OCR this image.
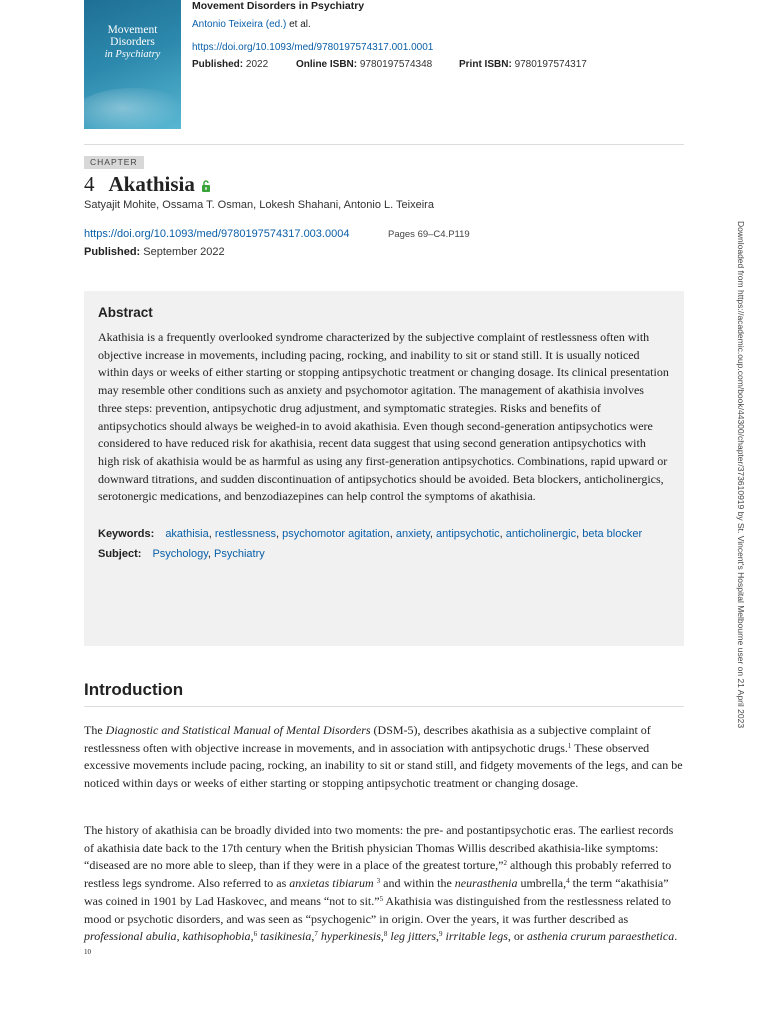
Movement
Disorders
in Psychiatry
Movement Disorders in Psychiatry
Antonio Teixeira (ed.) et al.
https://doi.org/10.1093/med/9780197574317.001.0001
Published: 2022	Online ISBN: 9780197574348	Print ISBN: 9780197574317
CHAPTER
4 Akathisia
Satyajit Mohite, Ossama T. Osman, Lokesh Shahani, Antonio L. Teixeira
https://doi.org/10.1093/med/9780197574317.003.0004	Pages 69–C4.P119
Published: September 2022
Abstract

Akathisia is a frequently overlooked syndrome characterized by the subjective complaint of restlessness often with objective increase in movements, including pacing, rocking, and inability to sit or stand still. It is usually noticed within days or weeks of either starting or stopping antipsychotic treatment or changing dosage. Its clinical presentation may resemble other conditions such as anxiety and psychomotor agitation. The management of akathisia involves three steps: prevention, antipsychotic drug adjustment, and symptomatic strategies. Risks and benefits of antipsychotics should always be weighed-in to avoid akathisia. Even though second-generation antipsychotics were considered to have reduced risk for akathisia, recent data suggest that using second generation antipsychotics with high risk of akathisia would be as harmful as using any first-generation antipsychotics. Combinations, rapid upward or downward titrations, and sudden discontinuation of antipsychotics should be avoided. Beta blockers, anticholinergics, serotonergic medications, and benzodiazepines can help control the symptoms of akathisia.

Keywords: akathisia, restlessness, psychomotor agitation, anxiety, antipsychotic, anticholinergic, beta blocker
Subject: Psychology, Psychiatry
Introduction

The Diagnostic and Statistical Manual of Mental Disorders (DSM-5), describes akathisia as a subjective complaint of restlessness often with objective increase in movements, and in association with antipsychotic drugs.$^1$ These observed excessive movements include pacing, rocking, an inability to sit or stand still, and fidgety movements of the legs, and can be noticed within days or weeks of either starting or stopping antipsychotic treatment or changing dosage.

The history of akathisia can be broadly divided into two moments: the pre- and postantipsychotic eras. The earliest records of akathisia date back to the 17th century when the British physician Thomas Willis described akathisia-like symptoms: “diseased are no more able to sleep, than if they were in a place of the greatest torture,”$^2$ although this probably referred to restless legs syndrome. Also referred to as anxietas tibiarum $^3$ and within the neurasthenia umbrella,$^4$ the term “akathisia” was coined in 1901 by Lad Haskovec, and means “not to sit.”$^5$ Akathisia was distinguished from the restlessness related to mood or psychotic disorders, and was seen as “psychogenic” in origin. Over the years, it was further described as professional abulia, kathisophobia,$^6$ tasikinesia,$^7$ hyperkinesis,$^8$ leg jitters,$^9$ irritable legs, or asthenia crurum paraesthetica.
$^{10}$

Downloaded from https://academic.oup.com/book/44300/chapter/373610919 by St. Vincent's Hospital Melbourne user on 21 April 2023
